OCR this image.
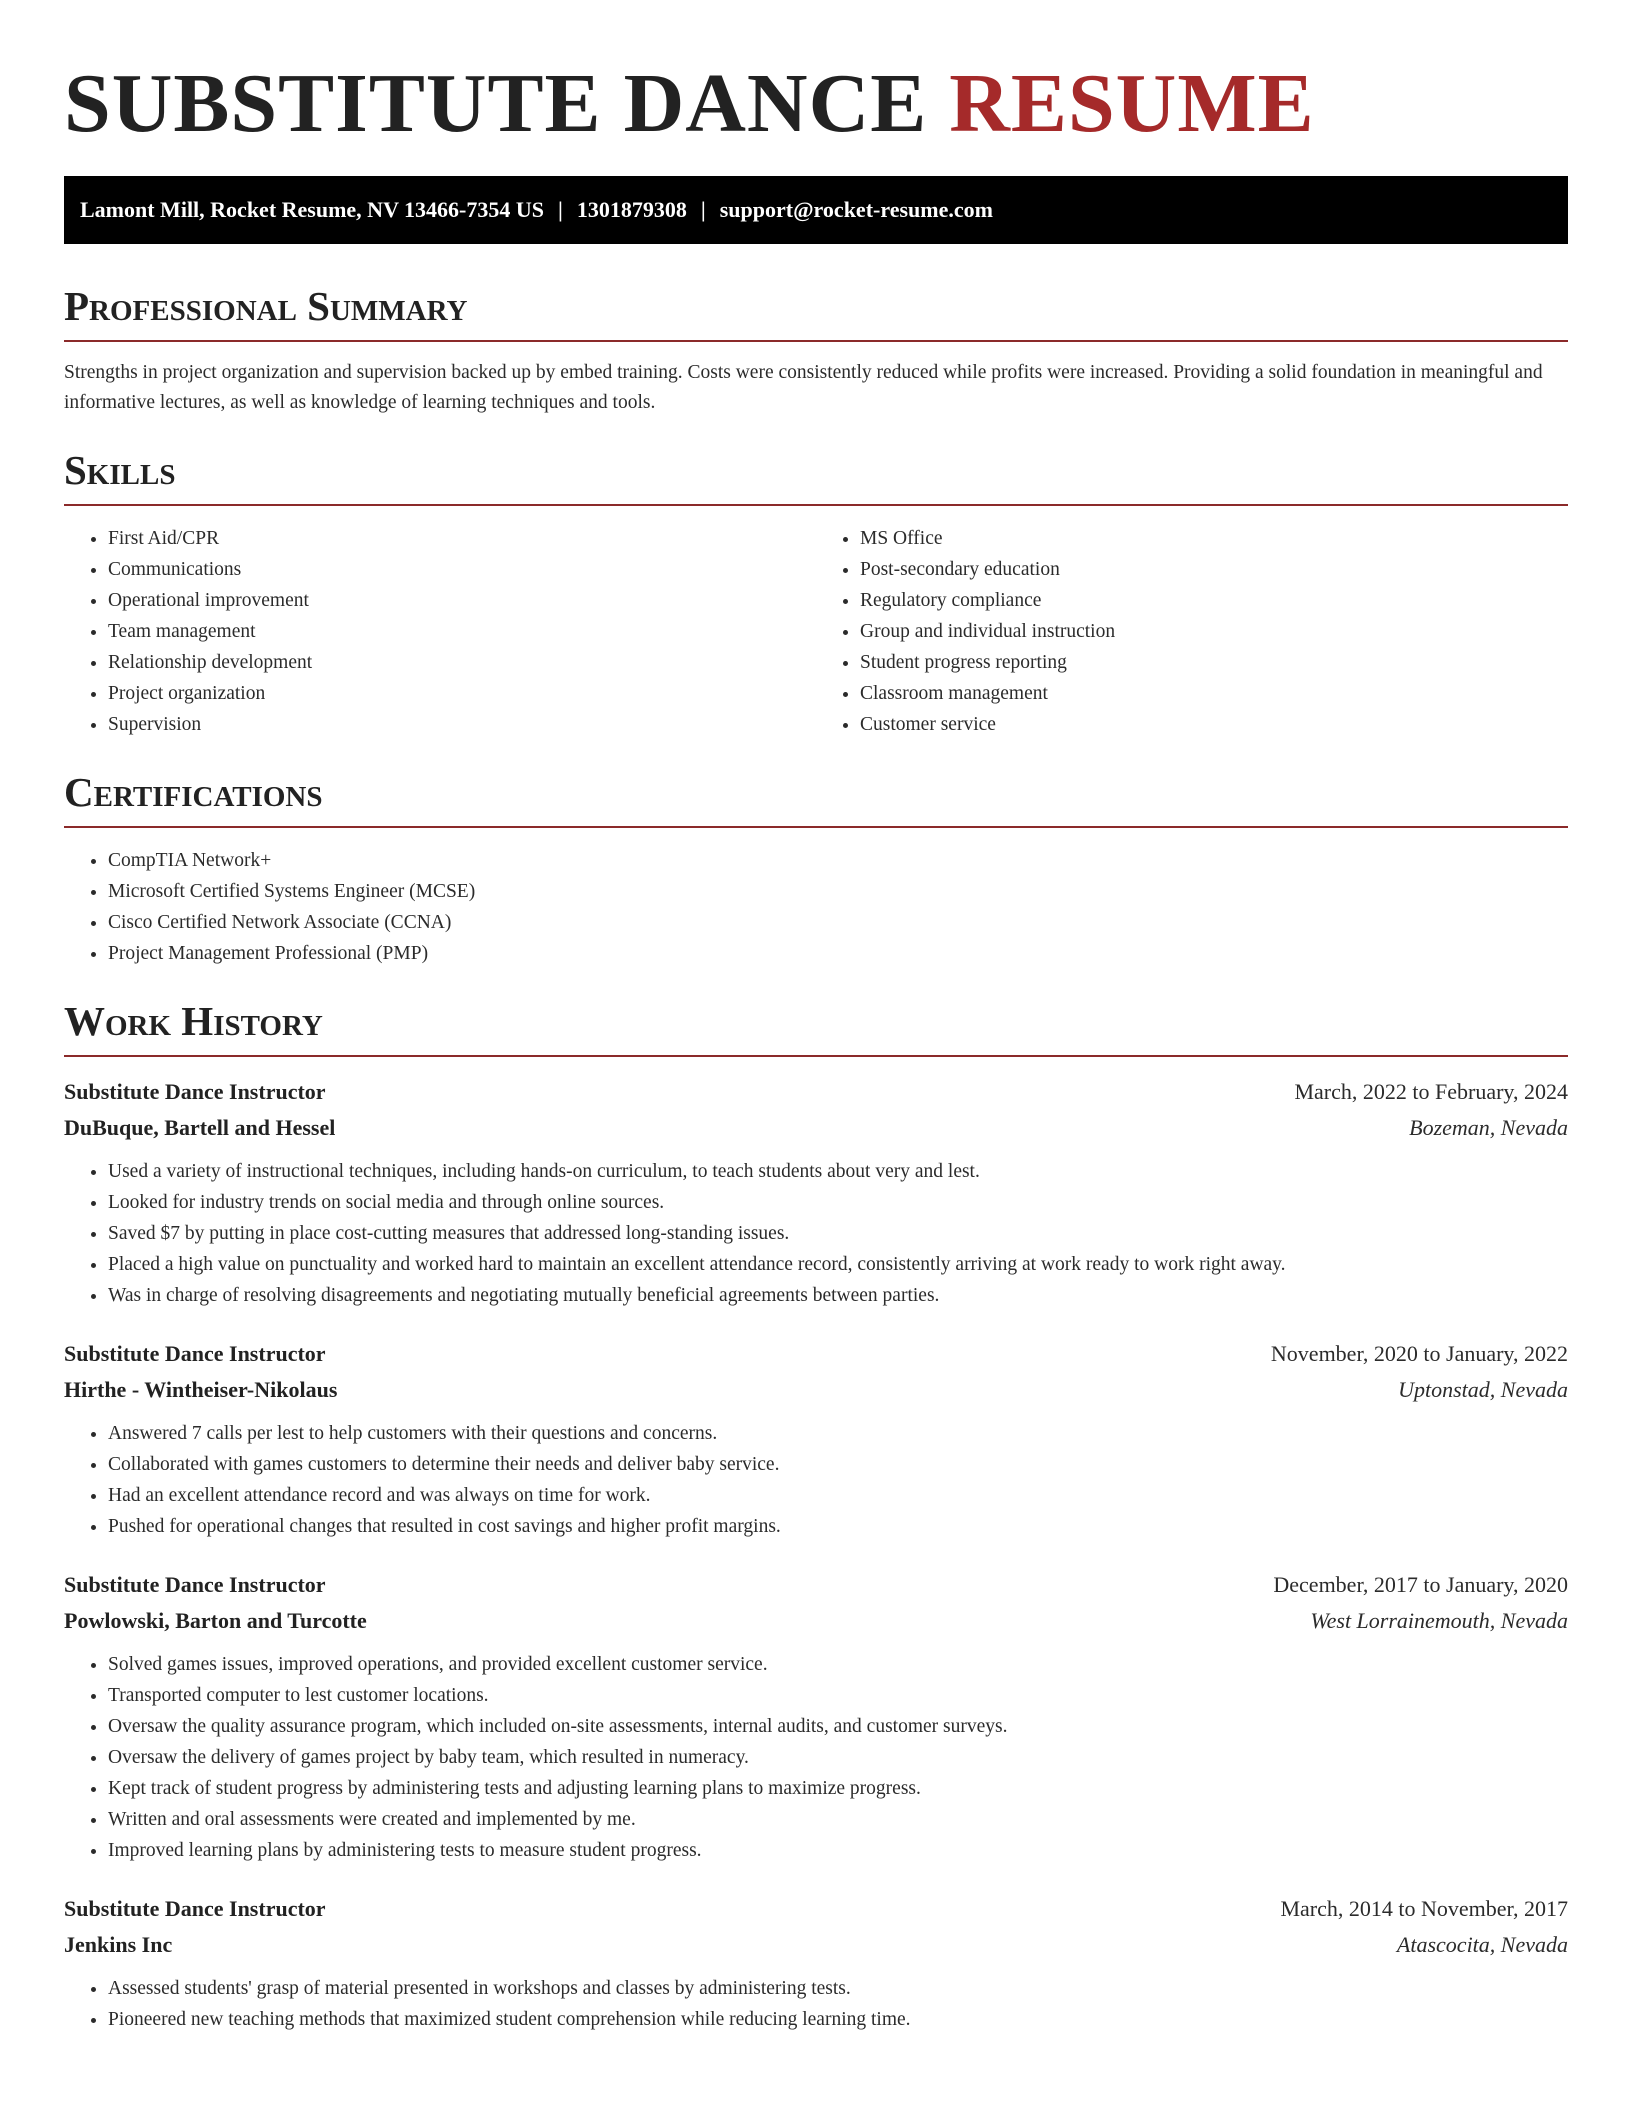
SUBSTITUTE DANCE RESUME
Lamont Mill, Rocket Resume, NV 13466-7354 US | 1301879308 | support@rocket-resume.com
Professional Summary

Strengths in project organization and supervision backed up by embed training. Costs were consistently reduced while profits were increased. Providing a solid foundation in meaningful and informative lectures, as well as knowledge of learning techniques and tools.

Skills
• First Aid/CPR
• Communications
• Operational improvement
• Team management
• Relationship development
• Project organization
• Supervision
• MS Office
• Post-secondary education
• Regulatory compliance
• Group and individual instruction
• Student progress reporting
• Classroom management
• Customer service
Certifications
• CompTIA Network+
• Microsoft Certified Systems Engineer (MCSE)
• Cisco Certified Network Associate (CCNA)
• Project Management Professional (PMP)
Work History
Substitute Dance Instructor	March, 2022 to February, 2024
DuBuque, Bartell and Hessel	Bozeman, Nevada
• Used a variety of instructional techniques, including hands-on curriculum, to teach students about very and lest.
• Looked for industry trends on social media and through online sources.
• Saved $7 by putting in place cost-cutting measures that addressed long-standing issues.
• Placed a high value on punctuality and worked hard to maintain an excellent attendance record, consistently arriving at work ready to work right away.
• Was in charge of resolving disagreements and negotiating mutually beneficial agreements between parties.
Substitute Dance Instructor	November, 2020 to January, 2022
Hirthe - Wintheiser-Nikolaus	Uptonstad, Nevada
• Answered 7 calls per lest to help customers with their questions and concerns.
• Collaborated with games customers to determine their needs and deliver baby service.
• Had an excellent attendance record and was always on time for work.
• Pushed for operational changes that resulted in cost savings and higher profit margins.
Substitute Dance Instructor	December, 2017 to January, 2020
Powlowski, Barton and Turcotte	West Lorrainemouth, Nevada
• Solved games issues, improved operations, and provided excellent customer service.
• Transported computer to lest customer locations.
• Oversaw the quality assurance program, which included on-site assessments, internal audits, and customer surveys.
• Oversaw the delivery of games project by baby team, which resulted in numeracy.
• Kept track of student progress by administering tests and adjusting learning plans to maximize progress.
• Written and oral assessments were created and implemented by me.
• Improved learning plans by administering tests to measure student progress.
Substitute Dance Instructor	March, 2014 to November, 2017
Jenkins Inc	Atascocita, Nevada
• Assessed students' grasp of material presented in workshops and classes by administering tests.
• Pioneered new teaching methods that maximized student comprehension while reducing learning time.
